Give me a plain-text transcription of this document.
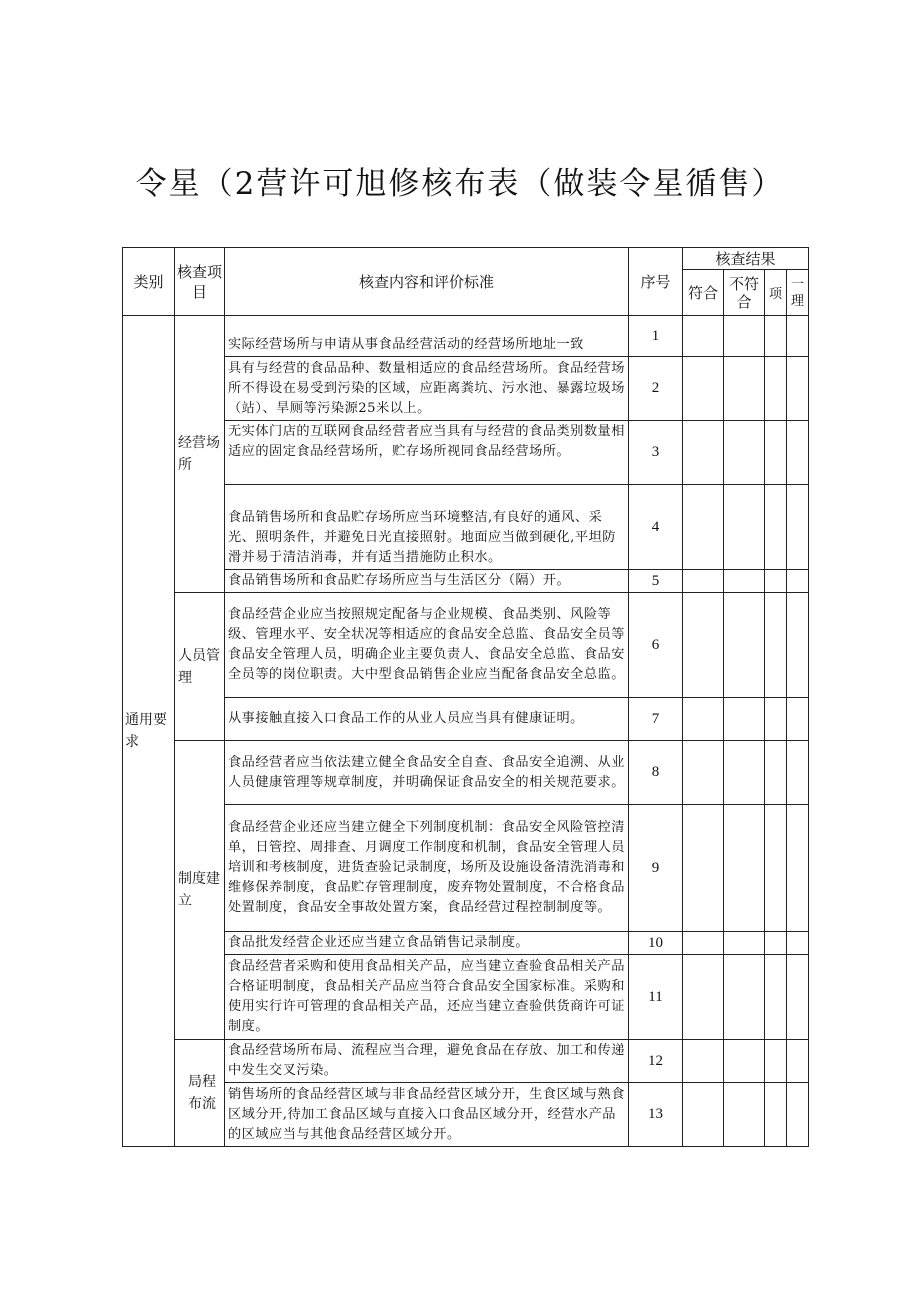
令星（2营许可旭修核布表（做装令星循售）
类别	核查项目	核查内容和评价标准	序号	核查结果			
				符合	不符合	项	一理
通用要求	经营场所	实际经营场所与申请从事食品经营活动的经营场所地址一致	1				
		具有与经营的食品品种、数量相适应的食品经营场所。食品经营场所不得设在易受到污染的区域，应距离粪坑、污水池、暴露垃圾场（站）、旱厕等污染源25米以上。	2				
		无实体门店的互联网食品经营者应当具有与经营的食品类别数量相适应的固定食品经营场所，贮存场所视同食品经营场所。	3				
		食品销售场所和食品贮存场所应当环境整洁,有良好的通风、采光、照明条件，并避免日光直接照射。地面应当做到硬化,平坦防滑并易于清洁消毒，并有适当措施防止积水。	4				
		食品销售场所和食品贮存场所应当与生活区分（隔）开。	5				
	人员管理	食品经营企业应当按照规定配备与企业规模、食品类别、风险等级、管理水平、安全状况等相适应的食品安全总监、食品安全员等食品安全管理人员，明确企业主要负责人、食品安全总监、食品安全员等的岗位职责。大中型食品销售企业应当配备食品安全总监。	6				
		从事接触直接入口食品工作的从业人员应当具有健康证明。	7				
	制度建立	食品经营者应当依法建立健全食品安全自查、食品安全追溯、从业人员健康管理等规章制度，并明确保证食品安全的相关规范要求。	8				
		食品经营企业还应当建立健全下列制度机制：食品安全风险管控清单，日管控、周排查、月调度工作制度和机制，食品安全管理人员培训和考核制度，进货查验记录制度，场所及设施设备清洗消毒和维修保养制度，食品贮存管理制度，废弃物处置制度，不合格食品处置制度，食品安全事故处置方案，食品经营过程控制制度等。	9				
		食品批发经营企业还应当建立食品销售记录制度。	10				
		食品经营者采购和使用食品相关产品，应当建立查验食品相关产品合格证明制度，食品相关产品应当符合食品安全国家标准。采购和使用实行许可管理的食品相关产品，还应当建立查验供货商许可证制度。	11				
	局程布流	食品经营场所布局、流程应当合理，避免食品在存放、加工和传递中发生交叉污染。	12				
		销售场所的食品经营区域与非食品经营区域分开，生食区域与熟食区域分开,待加工食品区域与直接入口食品区域分开，经营水产品的区域应当与其他食品经营区域分开。	13				
